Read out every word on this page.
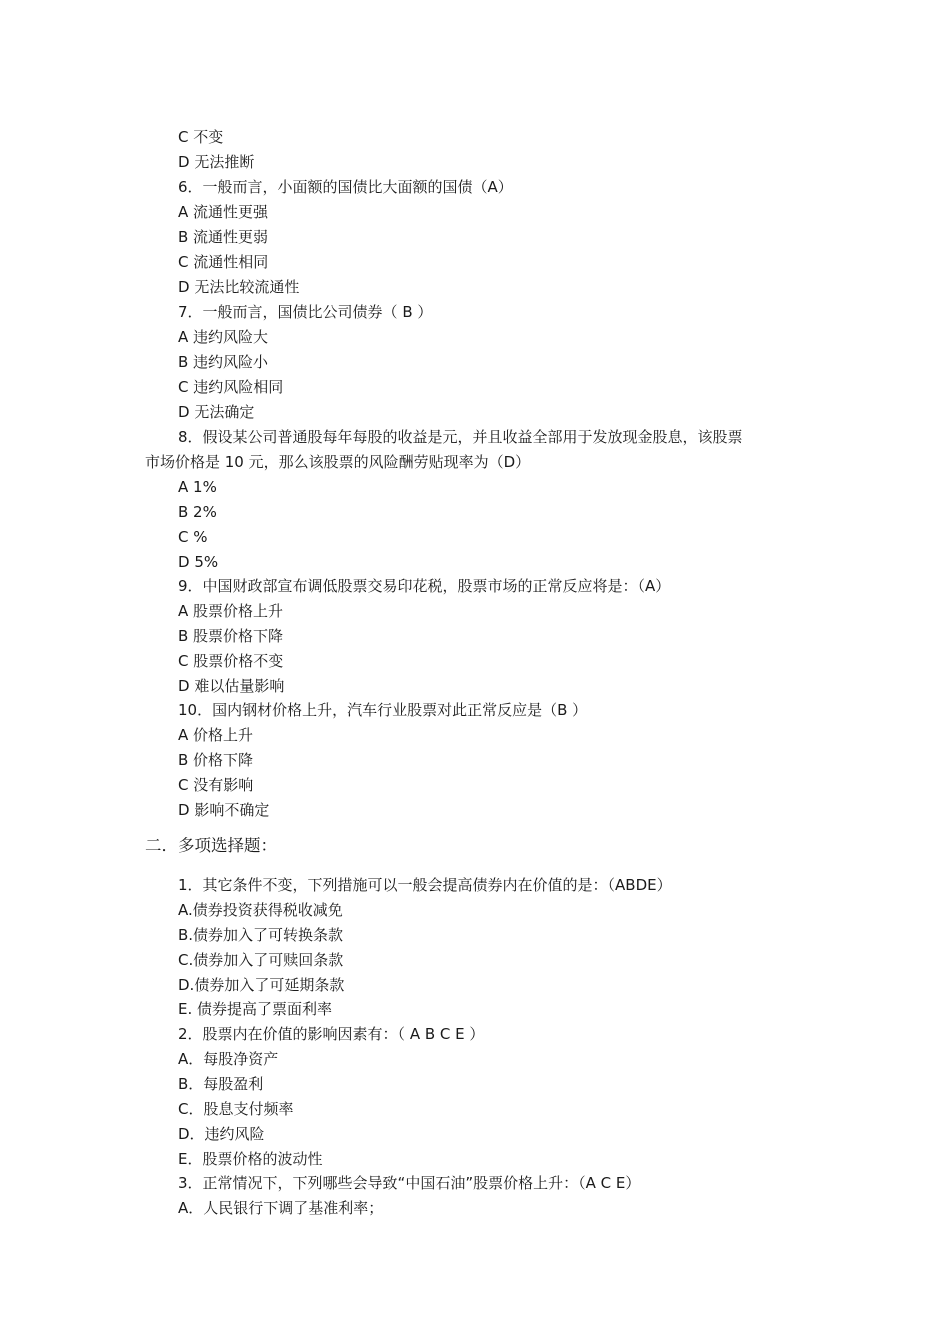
C 不变
D 无法推断
6．一般而言，小面额的国债比大面额的国债（A）
A 流通性更强
B 流通性更弱
C 流通性相同
D 无法比较流通性
7．一般而言，国债比公司债券（ B ）
A 违约风险大
B 违约风险小
C 违约风险相同
D 无法确定
8．假设某公司普通股每年每股的收益是元，并且收益全部用于发放现金股息，该股票
市场价格是 10 元，那么该股票的风险酬劳贴现率为（D）
A 1%
B 2%
C %
D 5%
9．中国财政部宣布调低股票交易印花税，股票市场的正常反应将是：（A）
A 股票价格上升
B 股票价格下降
C 股票价格不变
D 难以估量影响
10．国内钢材价格上升，汽车行业股票对此正常反应是（B ）
A 价格上升
B 价格下降
C 没有影响
D 影响不确定
二．多项选择题：
1．其它条件不变，下列措施可以一般会提高债券内在价值的是：（ABDE）
A.债券投资获得税收减免
B.债券加入了可转换条款
C.债券加入了可赎回条款
D.债券加入了可延期条款
E. 债券提高了票面利率
2．股票内在价值的影响因素有：（ A B C E ）
A．每股净资产
B．每股盈利
C．股息支付频率
D．违约风险
E．股票价格的波动性
3．正常情况下，下列哪些会导致“中国石油”股票价格上升：（A C E）
A．人民银行下调了基准利率；
